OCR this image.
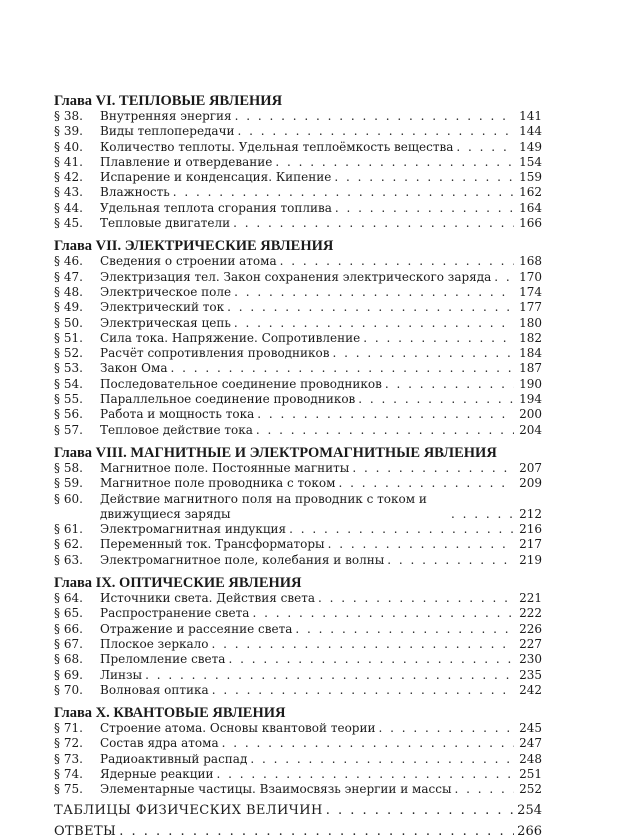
Глава VI. ТЕПЛОВЫЕ ЯВЛЕНИЯ
§ 38.	Внутренняя энергия . . .	141
§ 39.	Виды теплопередачи . . .	144
§ 40.	Количество теплоты. Удельная теплоёмкость вещества . . .	149
§ 41.	Плавление и отвердевание . . .	154
§ 42.	Испарение и конденсация. Кипение . . .	159
§ 43.	Влажность . . .	162
§ 44.	Удельная теплота сгорания топлива . . .	164
§ 45.	Тепловые двигатели . . .	166
Глава VII. ЭЛЕКТРИЧЕСКИЕ ЯВЛЕНИЯ
§ 46.	Сведения о строении атома . . .	168
§ 47.	Электризация тел. Закон сохранения электрического заряда . . .	170
§ 48.	Электрическое поле . . .	174
§ 49.	Электрический ток . . .	177
§ 50.	Электрическая цепь . . .	180
§ 51.	Сила тока. Напряжение. Сопротивление . . .	182
§ 52.	Расчёт сопротивления проводников . . .	184
§ 53.	Закон Ома . . .	187
§ 54.	Последовательное соединение проводников . . .	190
§ 55.	Параллельное соединение проводников . . .	194
§ 56.	Работа и мощность тока . . .	200
§ 57.	Тепловое действие тока . . .	204
Глава VIII. МАГНИТНЫЕ И ЭЛЕКТРОМАГНИТНЫЕ ЯВЛЕНИЯ
§ 58.	Магнитное поле. Постоянные магниты . . .	207
§ 59.	Магнитное поле проводника с током . . .	209
§ 60.	Действие магнитного поля на проводник с током и движущиеся заряды . . .	212
§ 61.	Электромагнитная индукция . . .	216
§ 62.	Переменный ток. Трансформаторы . . .	217
§ 63.	Электромагнитное поле, колебания и волны . . .	219
Глава IX. ОПТИЧЕСКИЕ ЯВЛЕНИЯ
§ 64.	Источники света. Действия света . . .	221
§ 65.	Распространение света . . .	222
§ 66.	Отражение и рассеяние света . . .	226
§ 67.	Плоское зеркало . . .	227
§ 68.	Преломление света . . .	230
§ 69.	Линзы . . .	235
§ 70.	Волновая оптика . . .	242
Глава X. КВАНТОВЫЕ ЯВЛЕНИЯ
§ 71.	Строение атома. Основы квантовой теории . . .	245
§ 72.	Состав ядра атома . . .	247
§ 73.	Радиоактивный распад . . .	248
§ 74.	Ядерные реакции . . .	251
§ 75.	Элементарные частицы. Взаимосвязь энергии и массы . . .	252
ТАБЛИЦЫ ФИЗИЧЕСКИХ ВЕЛИЧИН . . .	254
ОТВЕТЫ . . .	266
